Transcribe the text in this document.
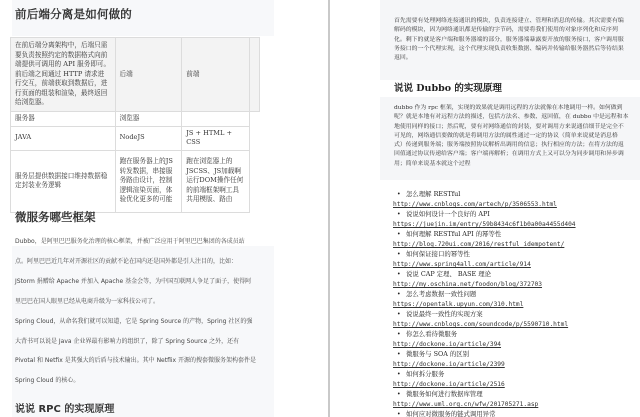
前后端分离是如何做的
在前后端分离架构中，后端只需要负责按照约定的数据格式向前端提供可调用的 API 服务即可。前后端之间通过 HTTP 请求进行交互，前端获取到数据后，进行页面的组装和渲染，最终返回给浏览器。	后端	前端	
服务器	浏览器		
JAVA	NodeJS	JS + HTML + CSS	
服务层提供数据接口维持数据稳定封装业务逻辑	跑在服务器上的JS转发数据，串接服务路由设计，控制逻辑渲染页面，体验优化更多的可能	跑在浏览器上的JSCSS、JS加载啊运行DOM操作任何的前端框架啊工具共用模版、路由	
微服务哪些框架
Dubbo，是阿里巴巴服务化治理的核心框架，并被广泛应用于阿里巴巴集团的各成员站
点。阿里巴巴近几年对开源社区的贡献不论在国内还是国外都是引人注目的，比如：
JStorm 捐赠给 Apache 并加入 Apache 基金会等，为中国互联网人争足了面子，使得阿
里巴巴在国人眼里已经从电商升级为一家科技公司了。
Spring Cloud，从命名我们就可以知道，它是 Spring Source 的产物，Spring 社区的强
大背书可以说是 Java 企业界最有影响力的组织了，除了 Spring Source 之外，还有
Pivotal 和 Netfix 是其强大的后盾与技术输出。其中 Netflix 开源的搜套微服务架构套件是
Spring Cloud 的核心。
说说 RPC 的实现原理
首先需要有处理网络连接通讯的模块，负责连接建立、管理和消息的传输。其次需要有编
解码的模块，因为网络通讯都是传输的字节码，需要将我们使用的对象序列化和反序列
化。剩下的就是客户端和服务器端的部分，服务器端暴露要开放的服务接口，客户调用服
务接口的一个代理实现，这个代理实现负责收集数据、编码并传输给服务器然后等待结果
返回。
说说 Dubbo 的实现原理
dubbo 作为 rpc 框架，实现的效果就是调用远程的方法就像在本地调用一样。如何做到
呢？就是本地有对远程方法的描述，包括方法名、参数、返回值，在 dubbo 中是远程和本
地使用同样的接口；然后呢，要有对网络通信的封装，要对调用方来说通信细节是完全不
可见的，网络通信要做的就是将调用方法的属性通过一定的协议（简单来说就是消息格
式）传递到服务端；服务端按照协议解析出调用的信息；执行相应的方法；在将方法的返
回值通过协议传递给客户端；客户端再解析；在调用方式上又可以分为同步调用和异步调
用；简单来说基本就这个过程
• 怎么理解 RESTful
http://www.cnblogs.com/artech/p/3506553.html
• 说说如何设计一个良好的 API
https://juejin.im/entry/59b8434c6f1b0a00a4455d404
• 如何理解 RESTful API 的幂等性
http://blog.720ui.com/2016/restful_idempotent/
• 如何保证接口的幂等性
http://www.spring4all.com/article/914
• 说说 CAP 定理、 BASE 理论
http://my.oschina.net/foodon/blog/372703
• 怎么考虑数据一致性问题
https://opentalk.upyun.com/310.html
• 说说最终一致性的实现方案
http://www.cnblogs.com/soundcode/p/5590710.html
• 你怎么看待微服务
http://dockone.io/article/394
• 微服务与 SOA 的区别
http://dockone.io/article/2399
• 如何拆分服务
http://dockone.io/article/2516
• 微服务如何进行数据库管理
http://www.uml.org.cn/wfw/201705271.asp
• 如何应对微服务的链式调用异常
